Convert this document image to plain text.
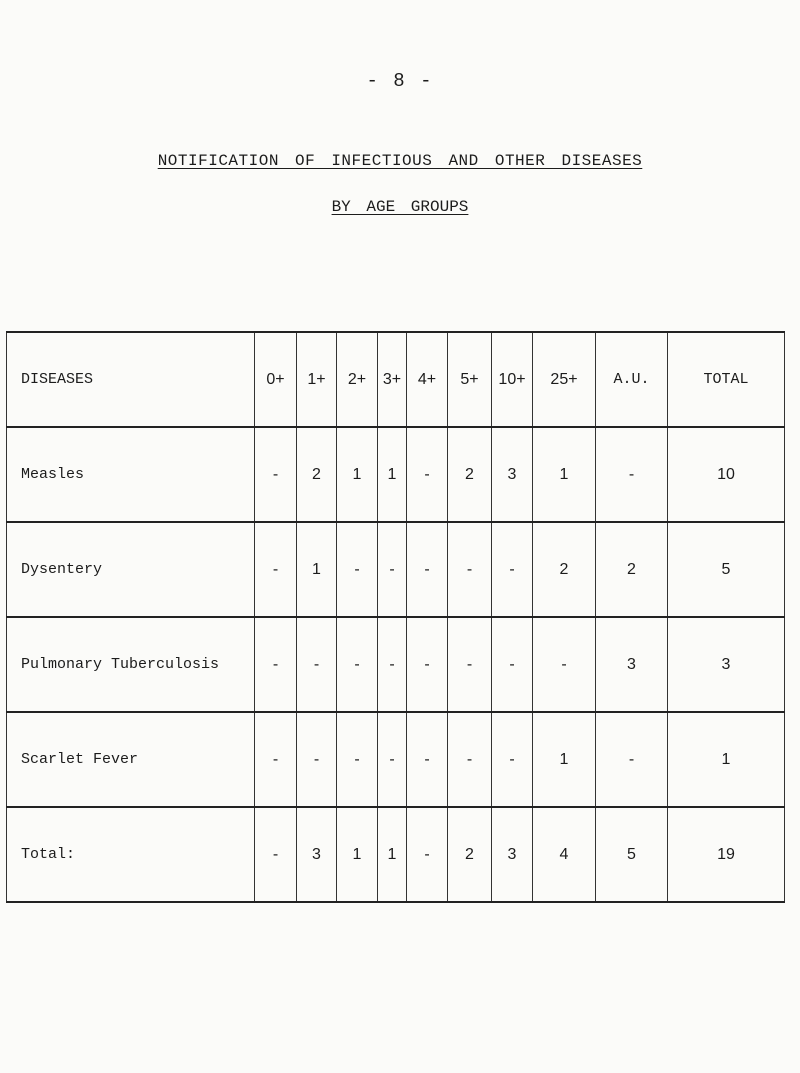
- 8 -
NOTIFICATION OF INFECTIOUS AND OTHER DISEASES
BY AGE GROUPS
DISEASES	0+	1+	2+	3+	4+	5+	10+	25+	A.U.	TOTAL
Measles	-	2	1	1	-	2	3	1	-	10
Dysentery	-	1	-	-	-	-	-	2	2	5
Pulmonary Tuberculosis	-	-	-	-	-	-	-	-	3	3
Scarlet Fever	-	-	-	-	-	-	-	1	-	1
Total:	-	3	1	1	-	2	3	4	5	19
